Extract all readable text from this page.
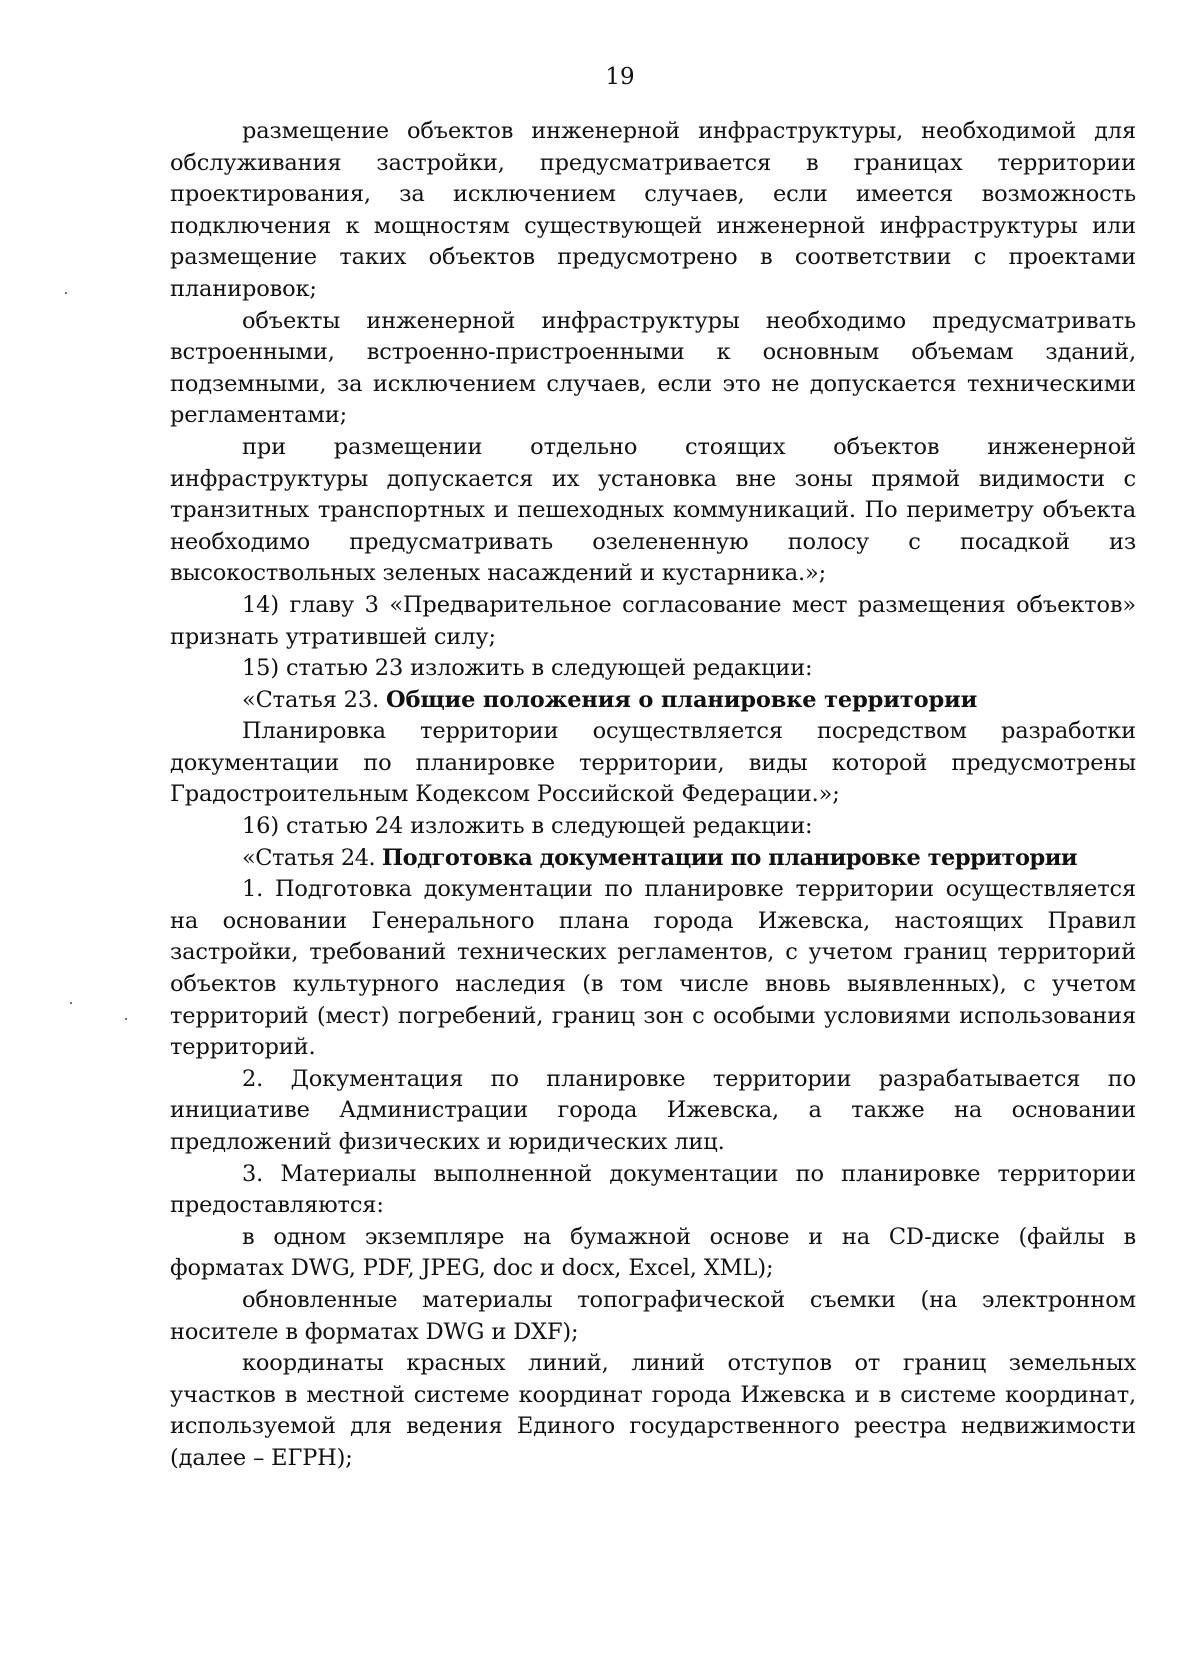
19

размещение объектов инженерной инфраструктуры, необходимой для обслуживания застройки, предусматривается в границах территории проектирования, за исключением случаев, если имеется возможность подключения к мощностям существующей инженерной инфраструктуры или размещение таких объектов предусмотрено в соответствии с проектами планировок;

объекты инженерной инфраструктуры необходимо предусматривать встроенными, встроенно-пристроенными к основным объемам зданий, подземными, за исключением случаев, если это не допускается техническими регламентами;

при размещении отдельно стоящих объектов инженерной инфраструктуры допускается их установка вне зоны прямой видимости с транзитных транспортных и пешеходных коммуникаций. По периметру объекта необходимо предусматривать озелененную полосу с посадкой из высокоствольных зеленых насаждений и кустарника.»;

14) главу 3 «Предварительное согласование мест размещения объектов» признать утратившей силу;

15) статью 23 изложить в следующей редакции:

«Статья 23. Общие положения о планировке территории

Планировка территории осуществляется посредством разработки документации по планировке территории, виды которой предусмотрены Градостроительным Кодексом Российской Федерации.»;

16) статью 24 изложить в следующей редакции:

«Статья 24. Подготовка документации по планировке территории

1. Подготовка документации по планировке территории осуществляется на основании Генерального плана города Ижевска, настоящих Правил застройки, требований технических регламентов, с учетом границ территорий объектов культурного наследия (в том числе вновь выявленных), с учетом территорий (мест) погребений, границ зон с особыми условиями использования территорий.

2. Документация по планировке территории разрабатывается по инициативе Администрации города Ижевска, а также на основании предложений физических и юридических лиц.

3. Материалы выполненной документации по планировке территории предоставляются:

в одном экземпляре на бумажной основе и на CD-диске (файлы в форматах DWG, PDF, JPEG, doc и docx, Excel, XML);

обновленные материалы топографической съемки (на электронном носителе в форматах DWG и DXF);

координаты красных линий, линий отступов от границ земельных участков в местной системе координат города Ижевска и в системе координат, используемой для ведения Единого государственного реестра недвижимости (далее – ЕГРН);
